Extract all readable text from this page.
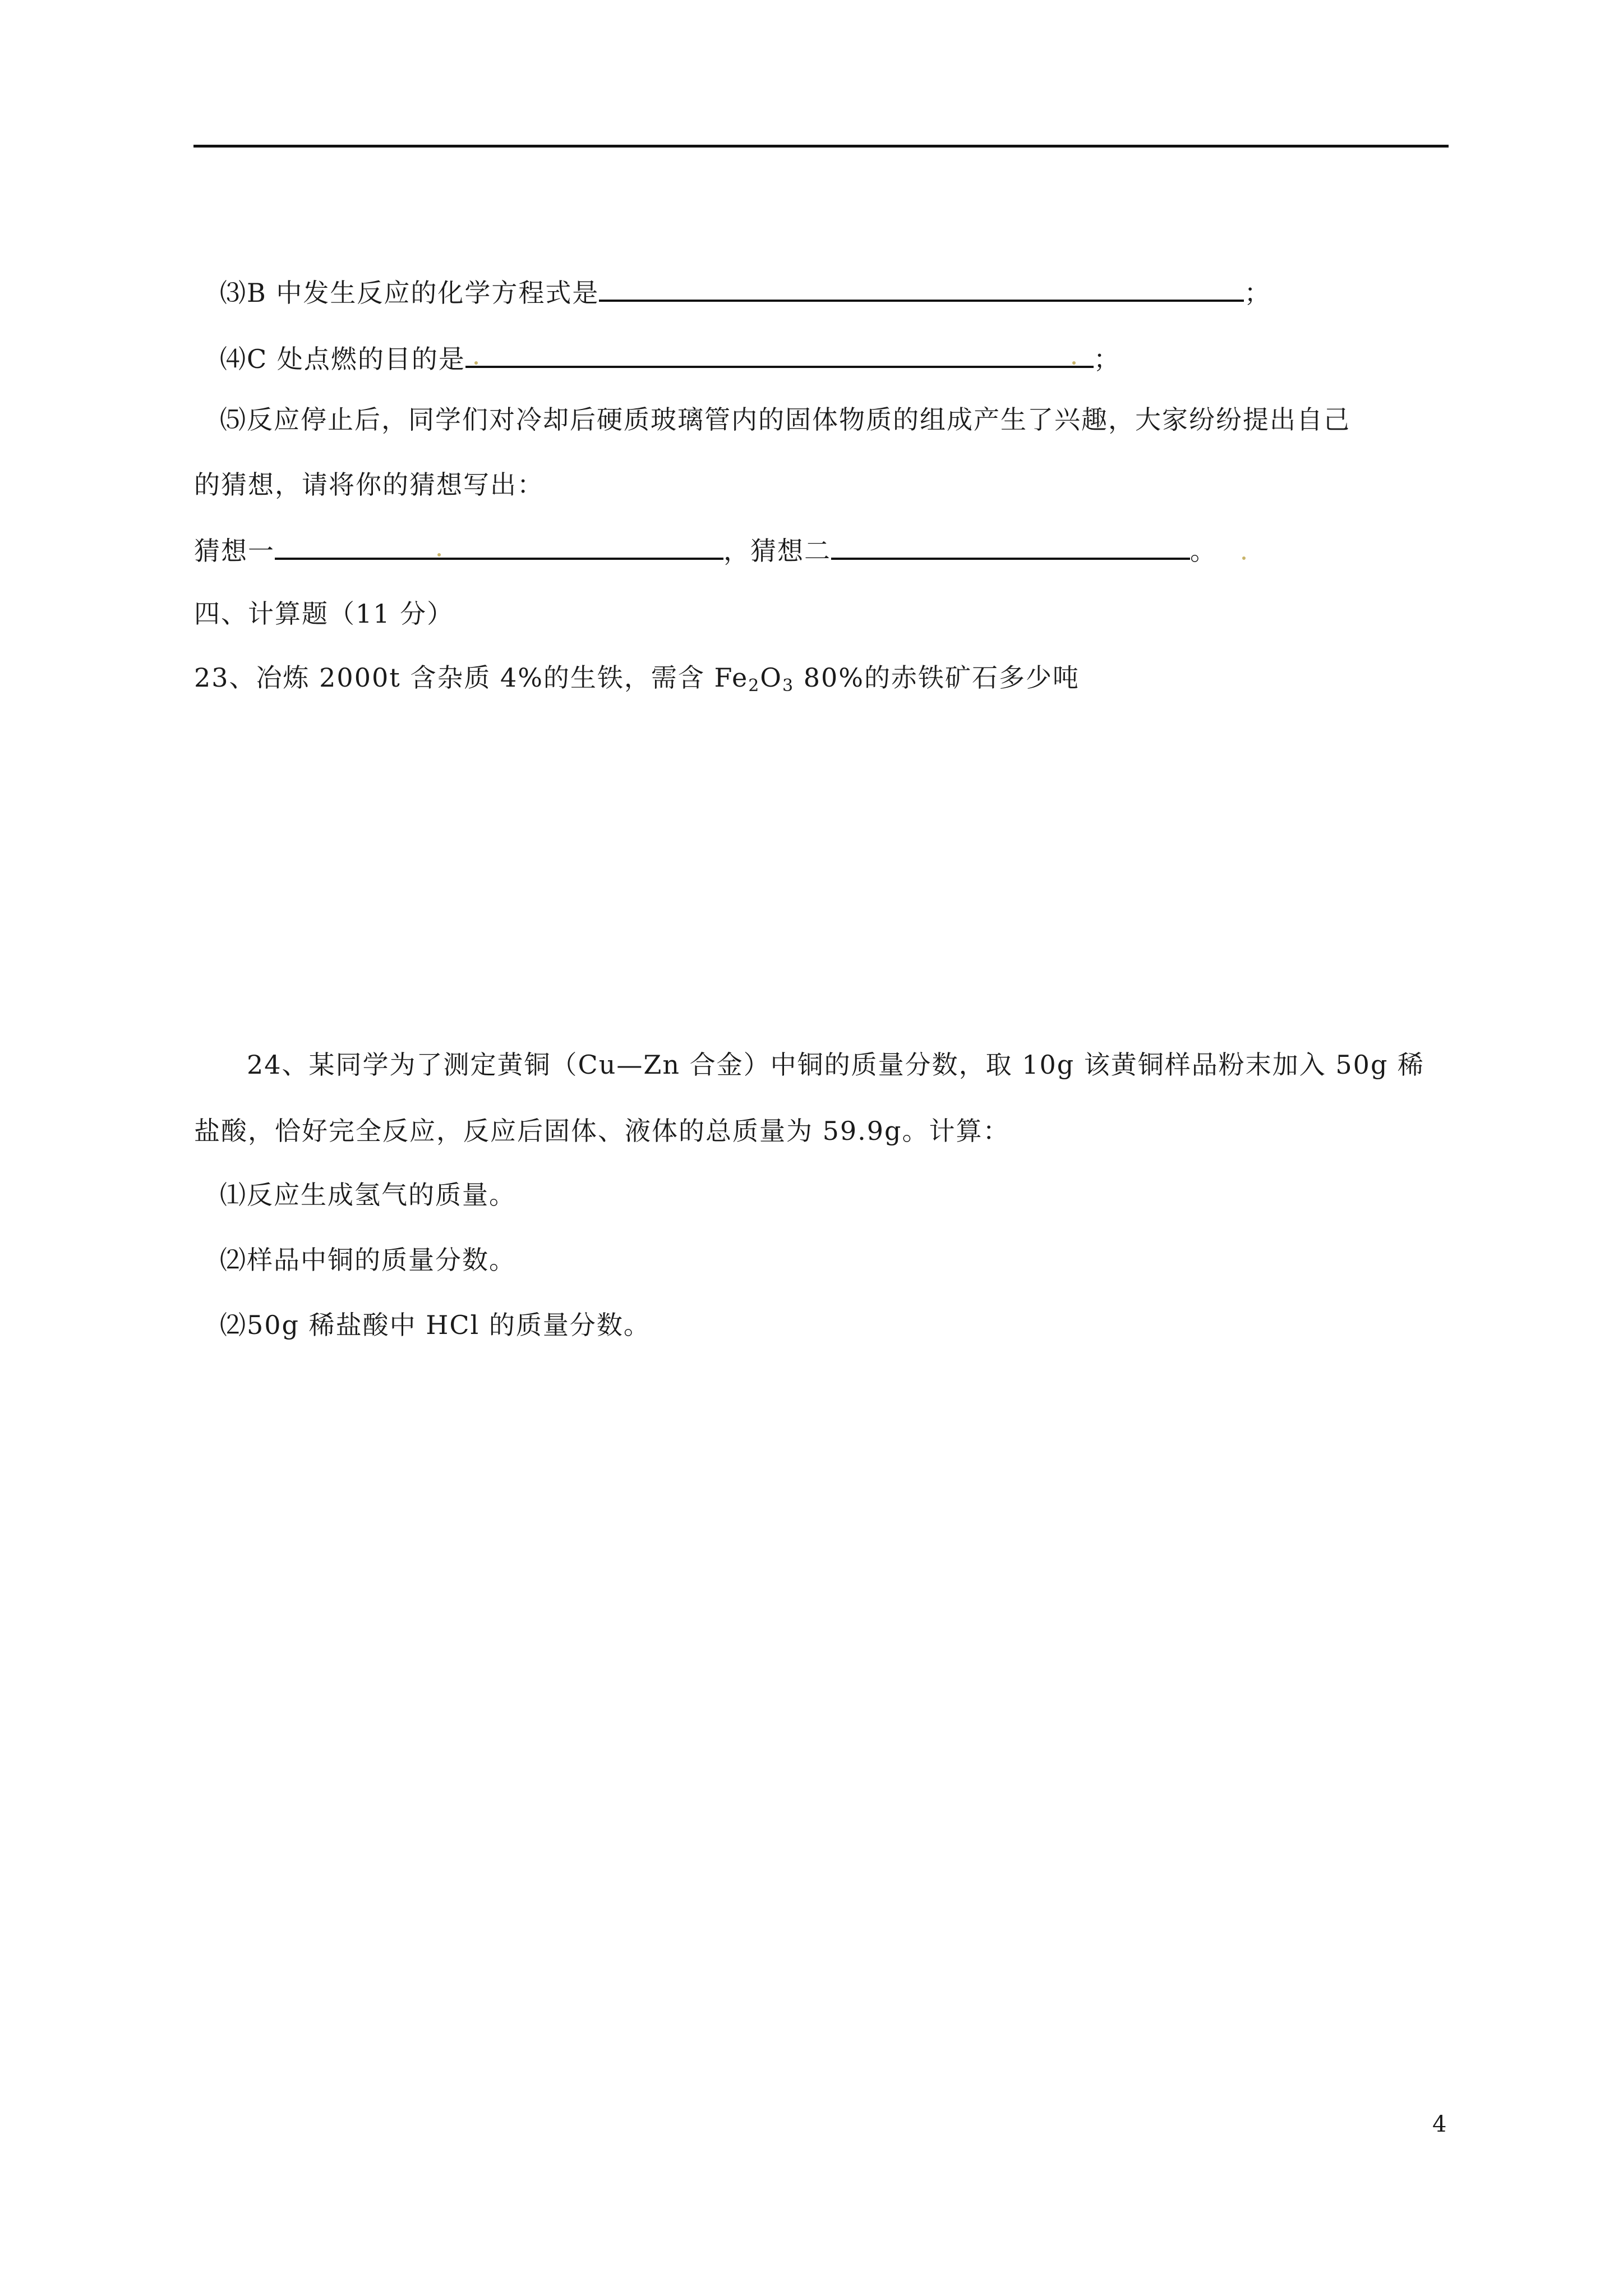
⑶B 中发生反应的化学方程式是	；
⑷C 处点燃的目的是	；
⑸反应停止后，同学们对冷却后硬质玻璃管内的固体物质的组成产生了兴趣，大家纷纷提出自己
的猜想，请将你的猜想写出：
猜想一	，猜想二	。
四、计算题（11 分）
23、冶炼 2000t 含杂质 4%的生铁，需含 $Fe_2O_3$ 80%的赤铁矿石多少吨
24、某同学为了测定黄铜（Cu—Zn 合金）中铜的质量分数，取 10g 该黄铜样品粉末加入 50g 稀
盐酸，恰好完全反应，反应后固体、液体的总质量为 59.9g。计算：
⑴反应生成氢气的质量。
⑵样品中铜的质量分数。
⑵50g 稀盐酸中 HCl 的质量分数。
4
